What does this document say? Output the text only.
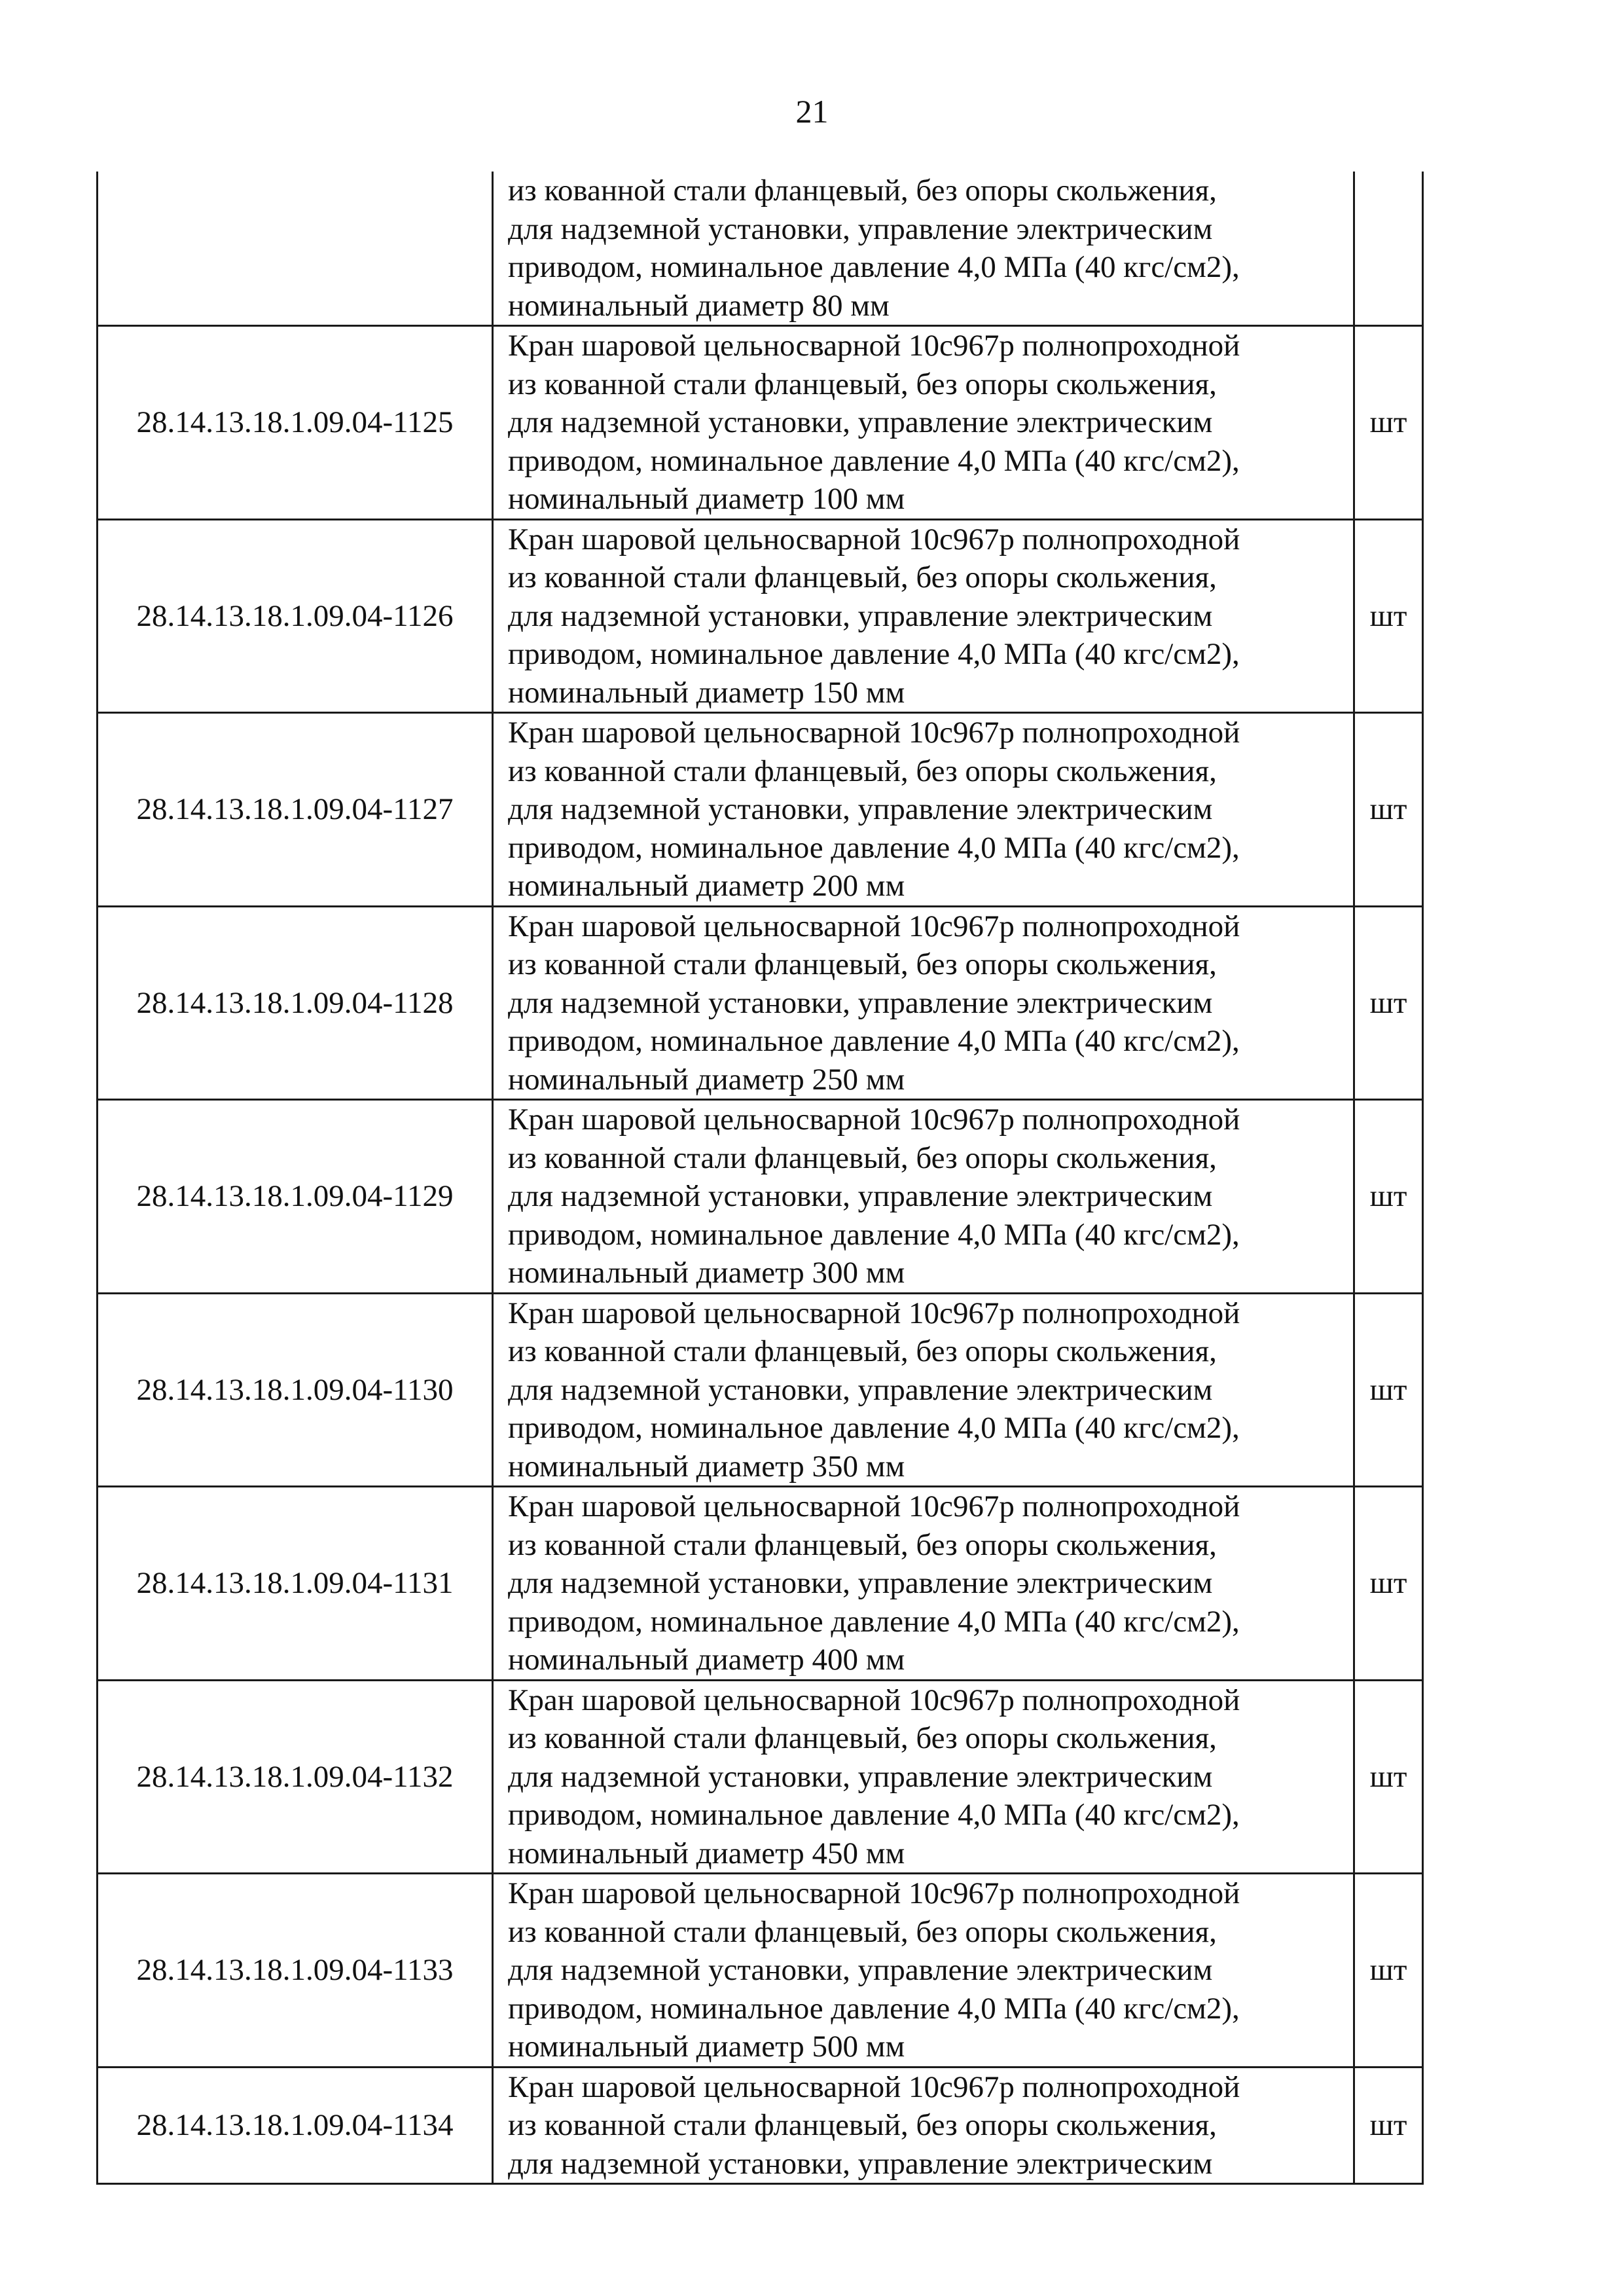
21

	из кованной стали фланцевый, без опоры скольжения,
для надземной установки, управление электрическим
приводом, номинальное давление 4,0 МПа (40 кгс/см2),
номинальный диаметр 80 мм	

28.14.13.18.1.09.04-1125	Кран шаровой цельносварной 10с967р полнопроходной
из кованной стали фланцевый, без опоры скольжения,
для надземной установки, управление электрическим
приводом, номинальное давление 4,0 МПа (40 кгс/см2),
номинальный диаметр 100 мм	шт
28.14.13.18.1.09.04-1126	Кран шаровой цельносварной 10с967р полнопроходной
из кованной стали фланцевый, без опоры скольжения,
для надземной установки, управление электрическим
приводом, номинальное давление 4,0 МПа (40 кгс/см2),
номинальный диаметр 150 мм	шт
28.14.13.18.1.09.04-1127	Кран шаровой цельносварной 10с967р полнопроходной
из кованной стали фланцевый, без опоры скольжения,
для надземной установки, управление электрическим
приводом, номинальное давление 4,0 МПа (40 кгс/см2),
номинальный диаметр 200 мм	шт
28.14.13.18.1.09.04-1128	Кран шаровой цельносварной 10с967р полнопроходной
из кованной стали фланцевый, без опоры скольжения,
для надземной установки, управление электрическим
приводом, номинальное давление 4,0 МПа (40 кгс/см2),
номинальный диаметр 250 мм	шт
28.14.13.18.1.09.04-1129	Кран шаровой цельносварной 10с967р полнопроходной
из кованной стали фланцевый, без опоры скольжения,
для надземной установки, управление электрическим
приводом, номинальное давление 4,0 МПа (40 кгс/см2),
номинальный диаметр 300 мм	шт
28.14.13.18.1.09.04-1130	Кран шаровой цельносварной 10с967р полнопроходной
из кованной стали фланцевый, без опоры скольжения,
для надземной установки, управление электрическим
приводом, номинальное давление 4,0 МПа (40 кгс/см2),
номинальный диаметр 350 мм	шт
28.14.13.18.1.09.04-1131	Кран шаровой цельносварной 10с967р полнопроходной
из кованной стали фланцевый, без опоры скольжения,
для надземной установки, управление электрическим
приводом, номинальное давление 4,0 МПа (40 кгс/см2),
номинальный диаметр 400 мм	шт
28.14.13.18.1.09.04-1132	Кран шаровой цельносварной 10с967р полнопроходной
из кованной стали фланцевый, без опоры скольжения,
для надземной установки, управление электрическим
приводом, номинальное давление 4,0 МПа (40 кгс/см2),
номинальный диаметр 450 мм	шт
28.14.13.18.1.09.04-1133	Кран шаровой цельносварной 10с967р полнопроходной
из кованной стали фланцевый, без опоры скольжения,
для надземной установки, управление электрическим
приводом, номинальное давление 4,0 МПа (40 кгс/см2),
номинальный диаметр 500 мм	шт
28.14.13.18.1.09.04-1134	Кран шаровой цельносварной 10с967р полнопроходной
из кованной стали фланцевый, без опоры скольжения,
для надземной установки, управление электрическим	шт
